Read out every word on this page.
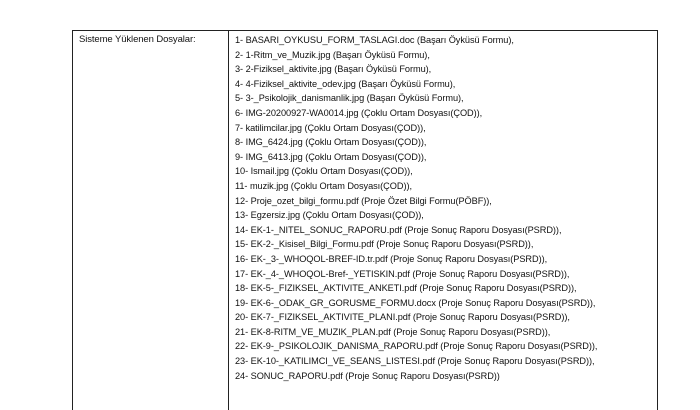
Sisteme Yüklenen Dosyalar:	1- BASARI_OYKUSU_FORM_TASLAGI.doc (Başarı Öyküsü Formu),
2- 1-Ritm_ve_Muzik.jpg (Başarı Öyküsü Formu),
3- 2-Fiziksel_aktivite.jpg (Başarı Öyküsü Formu),
4- 4-Fiziksel_aktivite_odev.jpg (Başarı Öyküsü Formu),
5- 3-_Psikolojik_danismanlik.jpg (Başarı Öyküsü Formu),
6- IMG-20200927-WA0014.jpg (Çoklu Ortam Dosyası(ÇOD)),
7- katilimcilar.jpg (Çoklu Ortam Dosyası(ÇOD)),
8- IMG_6424.jpg (Çoklu Ortam Dosyası(ÇOD)),
9- IMG_6413.jpg (Çoklu Ortam Dosyası(ÇOD)),
10- Ismail.jpg (Çoklu Ortam Dosyası(ÇOD)),
11- muzik.jpg (Çoklu Ortam Dosyası(ÇOD)),
12- Proje_ozet_bilgi_formu.pdf (Proje Özet Bilgi Formu(PÖBF)),
13- Egzersiz.jpg (Çoklu Ortam Dosyası(ÇOD)),
14- EK-1-_NITEL_SONUC_RAPORU.pdf (Proje Sonuç Raporu Dosyası(PSRD)),
15- EK-2-_Kisisel_Bilgi_Formu.pdf (Proje Sonuç Raporu Dosyası(PSRD)),
16- EK-_3-_WHOQOL-BREF-ID.tr.pdf (Proje Sonuç Raporu Dosyası(PSRD)),
17- EK-_4-_WHOQOL-Bref-_YETISKIN.pdf (Proje Sonuç Raporu Dosyası(PSRD)),
18- EK-5-_FIZIKSEL_AKTIVITE_ANKETI.pdf (Proje Sonuç Raporu Dosyası(PSRD)),
19- EK-6-_ODAK_GR_GORUSME_FORMU.docx (Proje Sonuç Raporu Dosyası(PSRD)),
20- EK-7-_FIZIKSEL_AKTIVITE_PLANI.pdf (Proje Sonuç Raporu Dosyası(PSRD)),
21- EK-8-RITM_VE_MUZIK_PLAN.pdf (Proje Sonuç Raporu Dosyası(PSRD)),
22- EK-9-_PSIKOLOJIK_DANISMA_RAPORU.pdf (Proje Sonuç Raporu Dosyası(PSRD)),
23- EK-10-_KATILIMCI_VE_SEANS_LISTESI.pdf (Proje Sonuç Raporu Dosyası(PSRD)),
24- SONUC_RAPORU.pdf (Proje Sonuç Raporu Dosyası(PSRD))
